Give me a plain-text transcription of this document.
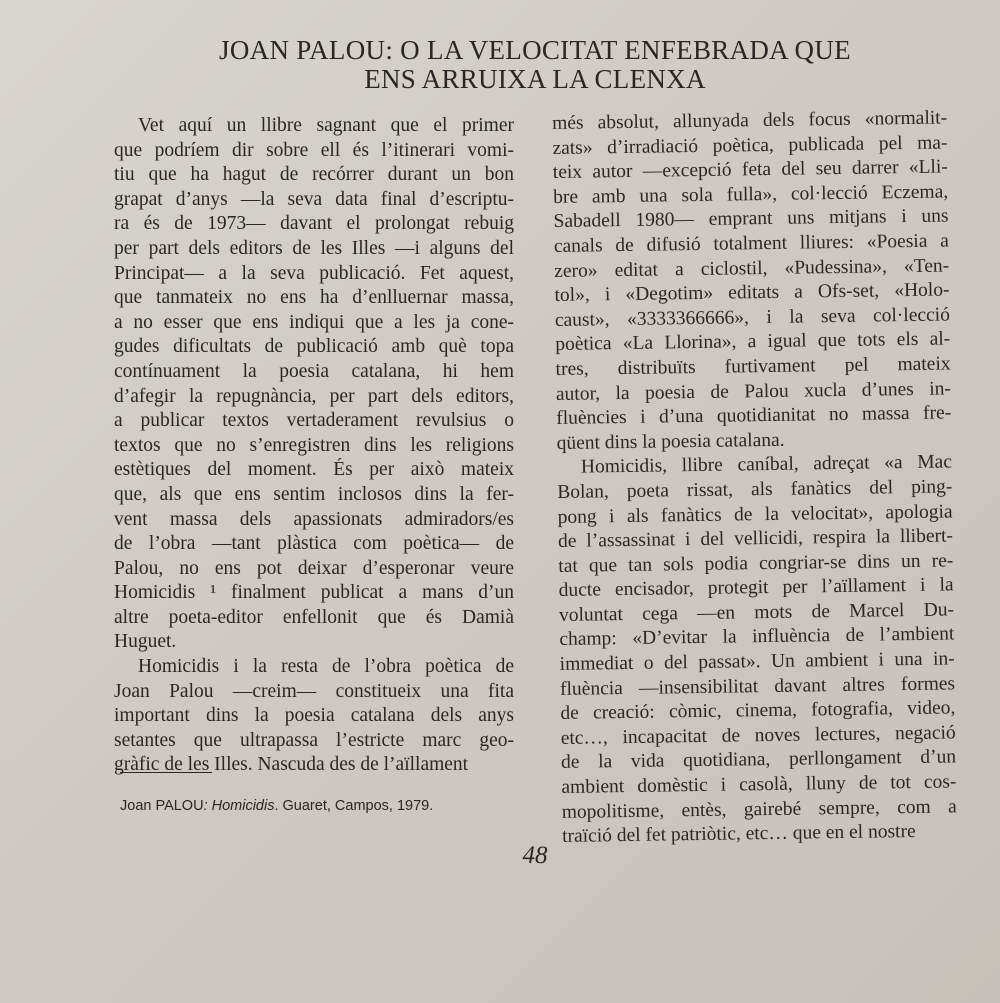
JOAN PALOU: O LA VELOCITAT ENFEBRADA QUE
ENS ARRUIXA LA CLENXA
Vet aquí un llibre sagnant que el primer
que podríem dir sobre ell és l’itinerari vomi-
tiu que ha hagut de recórrer durant un bon
grapat d’anys —la seva data final d’escriptu-
ra és de 1973— davant el prolongat rebuig
per part dels editors de les Illes —i alguns del
Principat— a la seva publicació. Fet aquest,
que tanmateix no ens ha d’enlluernar massa,
a no esser que ens indiqui que a les ja cone-
gudes dificultats de publicació amb què topa
contínuament la poesia catalana, hi hem
d’afegir la repugnància, per part dels editors,
a publicar textos vertaderament revulsius o
textos que no s’enregistren dins les religions
estètiques del moment. És per això mateix
que, als que ens sentim inclosos dins la fer-
vent massa dels apassionats admiradors/es
de l’obra —tant plàstica com poètica— de
Palou, no ens pot deixar d’esperonar veure
Homicidis ¹ finalment publicat a mans d’un
altre poeta-editor enfellonit que és Damià
Huguet.
Homicidis i la resta de l’obra poètica de
Joan Palou —creim— constitueix una fita
important dins la poesia catalana dels anys
setantes que ultrapassa l’estricte marc geo-
gràfic de les Illes. Nascuda des de l’aïllament
més absolut, allunyada dels focus «normalit-
zats» d’irradiació poètica, publicada pel ma-
teix autor —excepció feta del seu darrer «Lli-
bre amb una sola fulla», col·lecció Eczema,
Sabadell 1980— emprant uns mitjans i uns
canals de difusió totalment lliures: «Poesia a
zero» editat a ciclostil, «Pudessina», «Ten-
tol», i «Degotim» editats a Ofs-set, «Holo-
caust», «3333366666», i la seva col·lecció
poètica «La Llorina», a igual que tots els al-
tres, distribuïts furtivament pel mateix
autor, la poesia de Palou xucla d’unes in-
fluències i d’una quotidianitat no massa fre-
qüent dins la poesia catalana.
Homicidis, llibre caníbal, adreçat «a Mac
Bolan, poeta rissat, als fanàtics del ping-
pong i als fanàtics de la velocitat», apologia
de l’assassinat i del vellicidi, respira la llibert-
tat que tan sols podia congriar-se dins un re-
ducte encisador, protegit per l’aïllament i la
voluntat cega —en mots de Marcel Du-
champ: «D’evitar la influència de l’ambient
immediat o del passat». Un ambient i una in-
fluència —insensibilitat davant altres formes
de creació: còmic, cinema, fotografia, video,
etc…, incapacitat de noves lectures, negació
de la vida quotidiana, perllongament d’un
ambient domèstic i casolà, lluny de tot cos-
mopolitisme, entès, gairebé sempre, com a
traïció del fet patriòtic, etc… que en el nostre
Joan PALOU: Homicidis. Guaret, Campos, 1979.
48
